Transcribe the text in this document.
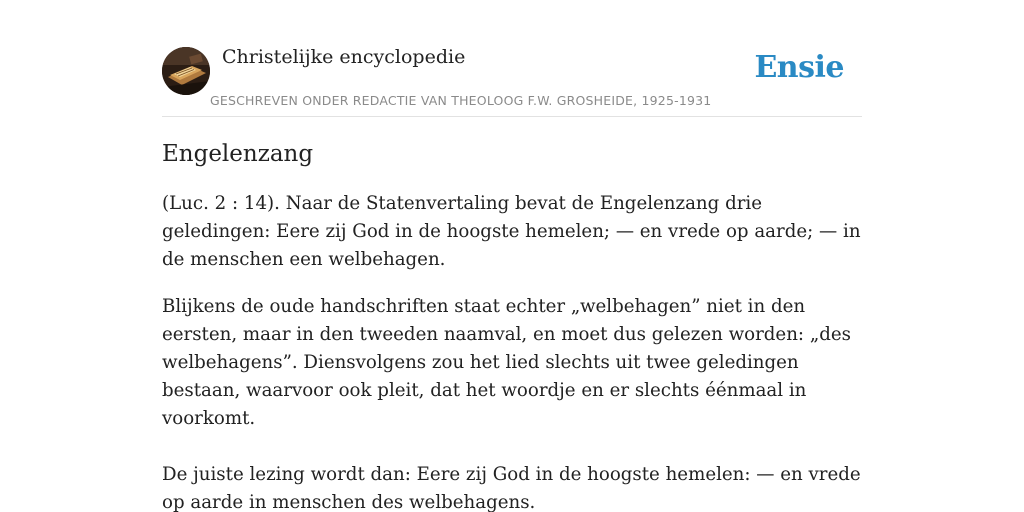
Christelijke encyclopedie
GESCHREVEN ONDER REDACTIE VAN THEOLOOG F.W. GROSHEIDE, 1925-1931
Ensie
Engelenzang

(Luc. 2 : 14). Naar de Statenvertaling bevat de Engelenzang drie geledingen: Eere zij God in de hoogste hemelen; — en vrede op aarde; — in de menschen een welbehagen.

Blijkens de oude handschriften staat echter „welbehagen” niet in den eersten, maar in den tweeden naamval, en moet dus gelezen worden: „des welbehagens”. Diensvolgens zou het lied slechts uit twee geledingen bestaan, waarvoor ook pleit, dat het woordje en er slechts éénmaal in voorkomt.

De juiste lezing wordt dan: Eere zij God in de hoogste hemelen: — en vrede op aarde in menschen des welbehagens.
